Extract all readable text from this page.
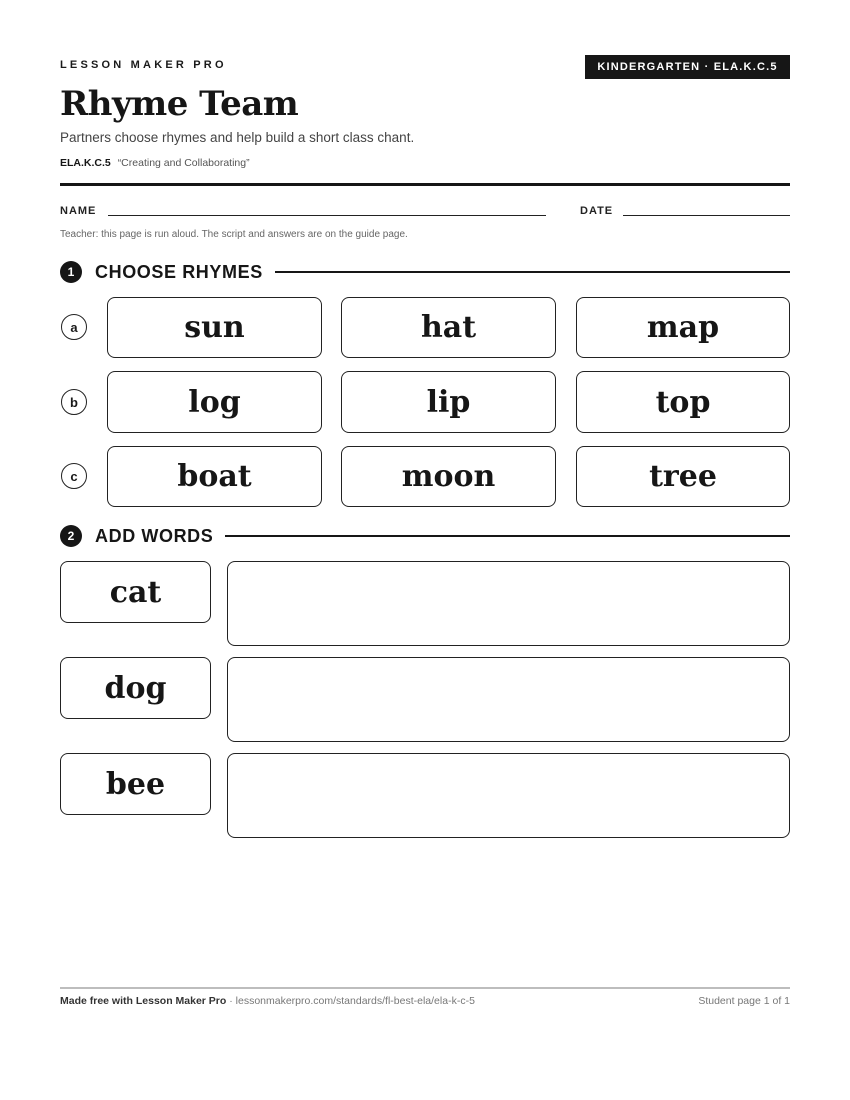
LESSON MAKER PRO	KINDERGARTEN · ELA.K.C.5
Rhyme Team
Partners choose rhymes and help build a short class chant.
ELA.K.C.5 “Creating and Collaborating”
NAME	DATE
Teacher: this page is run aloud. The script and answers are on the guide page.
1	CHOOSE RHYMES
a	sun	hat	map
b	log	lip	top
c	boat	moon	tree
2	ADD WORDS
cat
dog
bee
Made free with Lesson Maker Pro · lessonmakerpro.com/standards/fl-best-ela/ela-k-c-5	Student page 1 of 1
